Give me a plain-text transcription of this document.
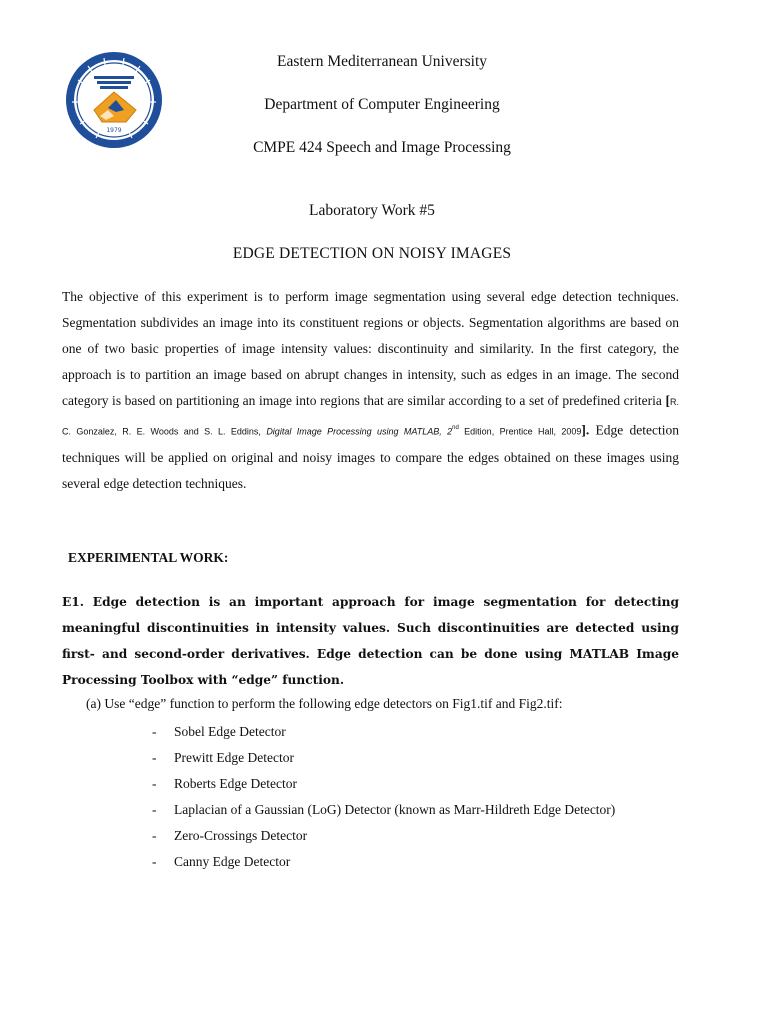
1979
Eastern Mediterranean University
Department of Computer Engineering
CMPE 424 Speech and Image Processing
Laboratory Work #5
EDGE DETECTION ON NOISY IMAGES
The objective of this experiment is to perform image segmentation using several edge detection techniques. Segmentation subdivides an image into its constituent regions or objects. Segmentation algorithms are based on one of two basic properties of image intensity values: discontinuity and similarity. In the first category, the approach is to partition an image based on abrupt changes in intensity, such as edges in an image. The second category is based on partitioning an image into regions that are similar according to a set of predefined criteria [R. C. Gonzalez, R. E. Woods and S. L. Eddins, Digital Image Processing using MATLAB, 2nd Edition, Prentice Hall, 2009]. Edge detection techniques will be applied on original and noisy images to compare the edges obtained on these images using several edge detection techniques.
EXPERIMENTAL WORK:
E1. Edge detection is an important approach for image segmentation for detecting meaningful discontinuities in intensity values. Such discontinuities are detected using first- and second-order derivatives. Edge detection can be done using MATLAB Image Processing Toolbox with “edge” function.
(a) Use “edge” function to perform the following edge detectors on Fig1.tif and Fig2.tif:
- Sobel Edge Detector
- Prewitt Edge Detector
- Roberts Edge Detector
- Laplacian of a Gaussian (LoG) Detector (known as Marr-Hildreth Edge Detector)
- Zero-Crossings Detector
- Canny Edge Detector
